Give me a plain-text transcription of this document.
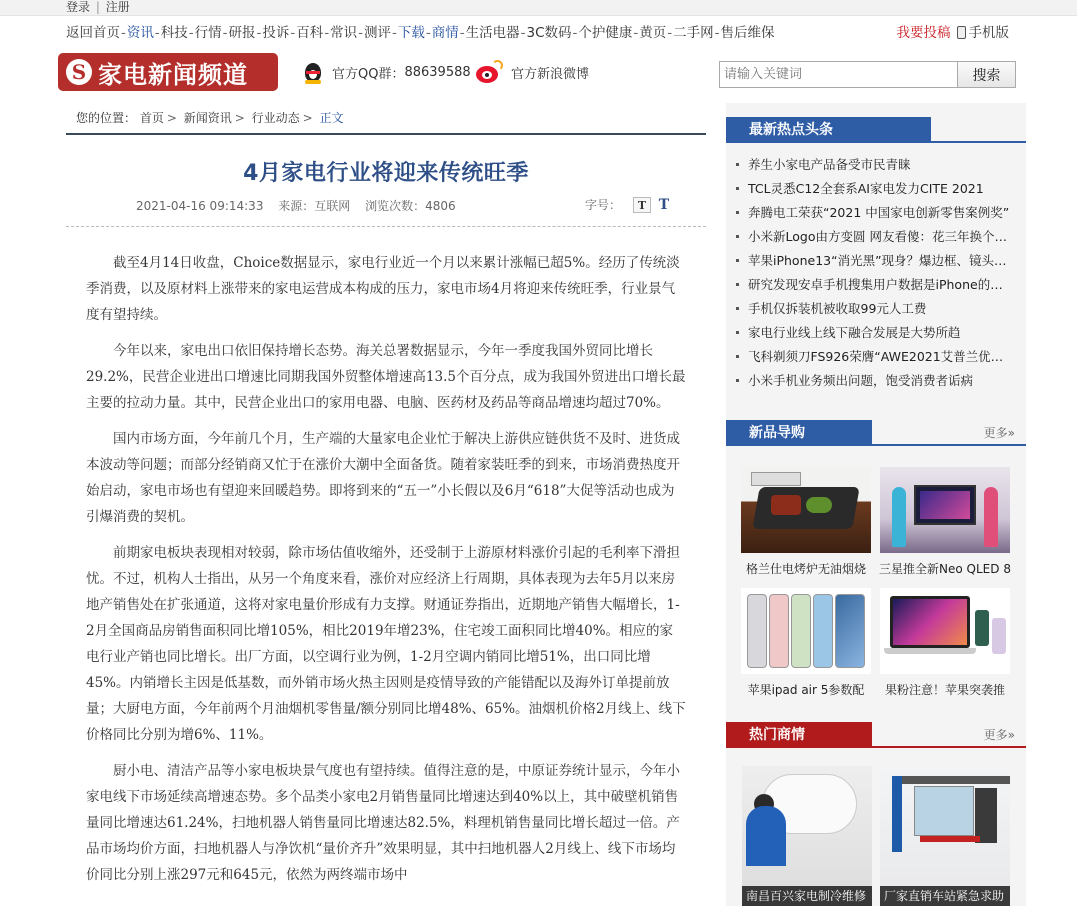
登录 | 注册
返回首页-资讯-科技-行情-研报-投诉-百科-常识-测评-下载-商情-生活电器-3C数码-个护健康-黄页-二手网-售后维保	我要投稿 手机版
S 家电新闻频道	官方QQ群： 88639588	官方新浪微博
请输入关键词	搜索
您的位置： 首页 > 新闻资讯 > 行业动态 > 正文
4月家电行业将迎来传统旺季
2021-04-16 09:14:33 来源：互联网 浏览次数：4806	字号：	T T

截至4月14日收盘，Choice数据显示，家电行业近一个月以来累计涨幅已超5%。经历了传统淡季消费，以及原材料上涨带来的家电运营成本构成的压力，家电市场4月将迎来传统旺季，行业景气度有望持续。

今年以来，家电出口依旧保持增长态势。海关总署数据显示，今年一季度我国外贸同比增长29.2%，民营企业进出口增速比同期我国外贸整体增速高13.5个百分点，成为我国外贸进出口增长最主要的拉动力量。其中，民营企业出口的家用电器、电脑、医药材及药品等商品增速均超过70%。

国内市场方面，今年前几个月，生产端的大量家电企业忙于解决上游供应链供货不及时、进货成本波动等问题；而部分经销商又忙于在涨价大潮中全面备货。随着家装旺季的到来，市场消费热度开始启动，家电市场也有望迎来回暖趋势。即将到来的“五一”小长假以及6月“618”大促等活动也成为引爆消费的契机。

前期家电板块表现相对较弱，除市场估值收缩外，还受制于上游原材料涨价引起的毛利率下滑担忧。不过，机构人士指出，从另一个角度来看，涨价对应经济上行周期，具体表现为去年5月以来房地产销售处在扩张通道，这将对家电量价形成有力支撑。财通证券指出，近期地产销售大幅增长，1-2月全国商品房销售面积同比增105%，相比2019年增23%，住宅竣工面积同比增40%。相应的家电行业产销也同比增长。出厂方面，以空调行业为例，1-2月空调内销同比增51%，出口同比增45%。内销增长主因是低基数，而外销市场火热主因则是疫情导致的产能错配以及海外订单提前放量；大厨电方面，今年前两个月油烟机零售量/额分别同比增48%、65%。油烟机价格2月线上、线下价格同比分别为增6%、11%。

厨小电、清洁产品等小家电板块景气度也有望持续。值得注意的是，中原证券统计显示，今年小家电线下市场延续高增速态势。多个品类小家电2月销售量同比增速达到40%以上，其中破壁机销售量同比增速达61.24%，扫地机器人销售量同比增速达82.5%，料理机销售量同比增长超过一倍。产品市场均价方面，扫地机器人与净饮机“量价齐升”效果明显，其中扫地机器人2月线上、线下市场均价同比分别上涨297元和645元，依然为两终端市场中

最新热点头条
养生小家电产品备受市民青睐
TCL灵悉C12全套系AI家电发力CITE 2021
奔腾电工荣获“2021 中国家电创新零售案例奖”
小米新Logo由方变圆 网友看傻：花三年换个…
苹果iPhone13“消光黑”现身？爆边框、镜头…
研究发现安卓手机搜集用户数据是iPhone的…
手机仅拆装机被收取99元人工费
家电行业线上线下融合发展是大势所趋
飞科剃须刀FS926荣膺“AWE2021艾普兰优…
小米手机业务频出问题，饱受消费者诟病
新品导购	更多»
格兰仕电烤炉无油烟烧	三星推全新Neo QLED 8
苹果ipad air 5参数配	果粉注意！苹果突袭推
热门商情	更多»
南昌百兴家电制冷维修	厂家直销车站紧急求助
